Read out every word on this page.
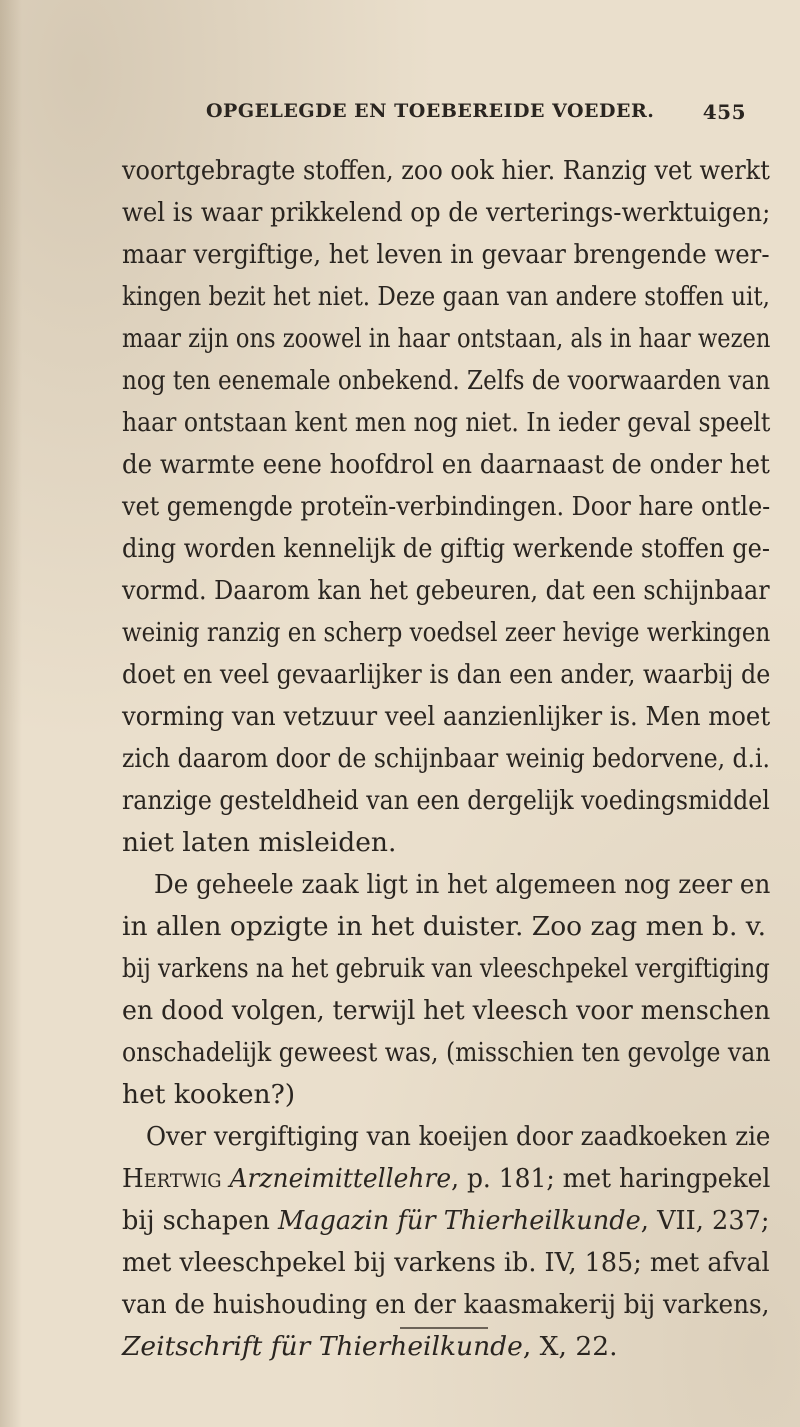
OPGELEGDE EN TOEBEREIDE VOEDER. 455
voortgebragte stoffen, zoo ook hier. Ranzig vet werkt
wel is waar prikkelend op de verterings-werktuigen;
maar vergiftige, het leven in gevaar brengende wer-
kingen bezit het niet. Deze gaan van andere stoffen uit,
maar zijn ons zoowel in haar ontstaan, als in haar wezen
nog ten eenemale onbekend. Zelfs de voorwaarden van
haar ontstaan kent men nog niet. In ieder geval speelt
de warmte eene hoofdrol en daarnaast de onder het
vet gemengde proteïn-verbindingen. Door hare ontle-
ding worden kennelijk de giftig werkende stoffen ge-
vormd. Daarom kan het gebeuren, dat een schijnbaar
weinig ranzig en scherp voedsel zeer hevige werkingen
doet en veel gevaarlijker is dan een ander, waarbij de
vorming van vetzuur veel aanzienlijker is. Men moet
zich daarom door de schijnbaar weinig bedorvene, d.i.
ranzige gesteldheid van een dergelijk voedingsmiddel
niet laten misleiden.
De geheele zaak ligt in het algemeen nog zeer en
in allen opzigte in het duister. Zoo zag men b. v.
bij varkens na het gebruik van vleeschpekel vergiftiging
en dood volgen, terwijl het vleesch voor menschen
onschadelijk geweest was, (misschien ten gevolge van
het kooken?)
Over vergiftiging van koeijen door zaadkoeken zie
Hertwig Arzneimittellehre, p. 181; met haringpekel
bij schapen Magazin für Thierheilkunde, VII, 237;
met vleeschpekel bij varkens ib. IV, 185; met afval
van de huishouding en der kaasmakerij bij varkens,
Zeitschrift für Thierheilkunde, X, 22.
